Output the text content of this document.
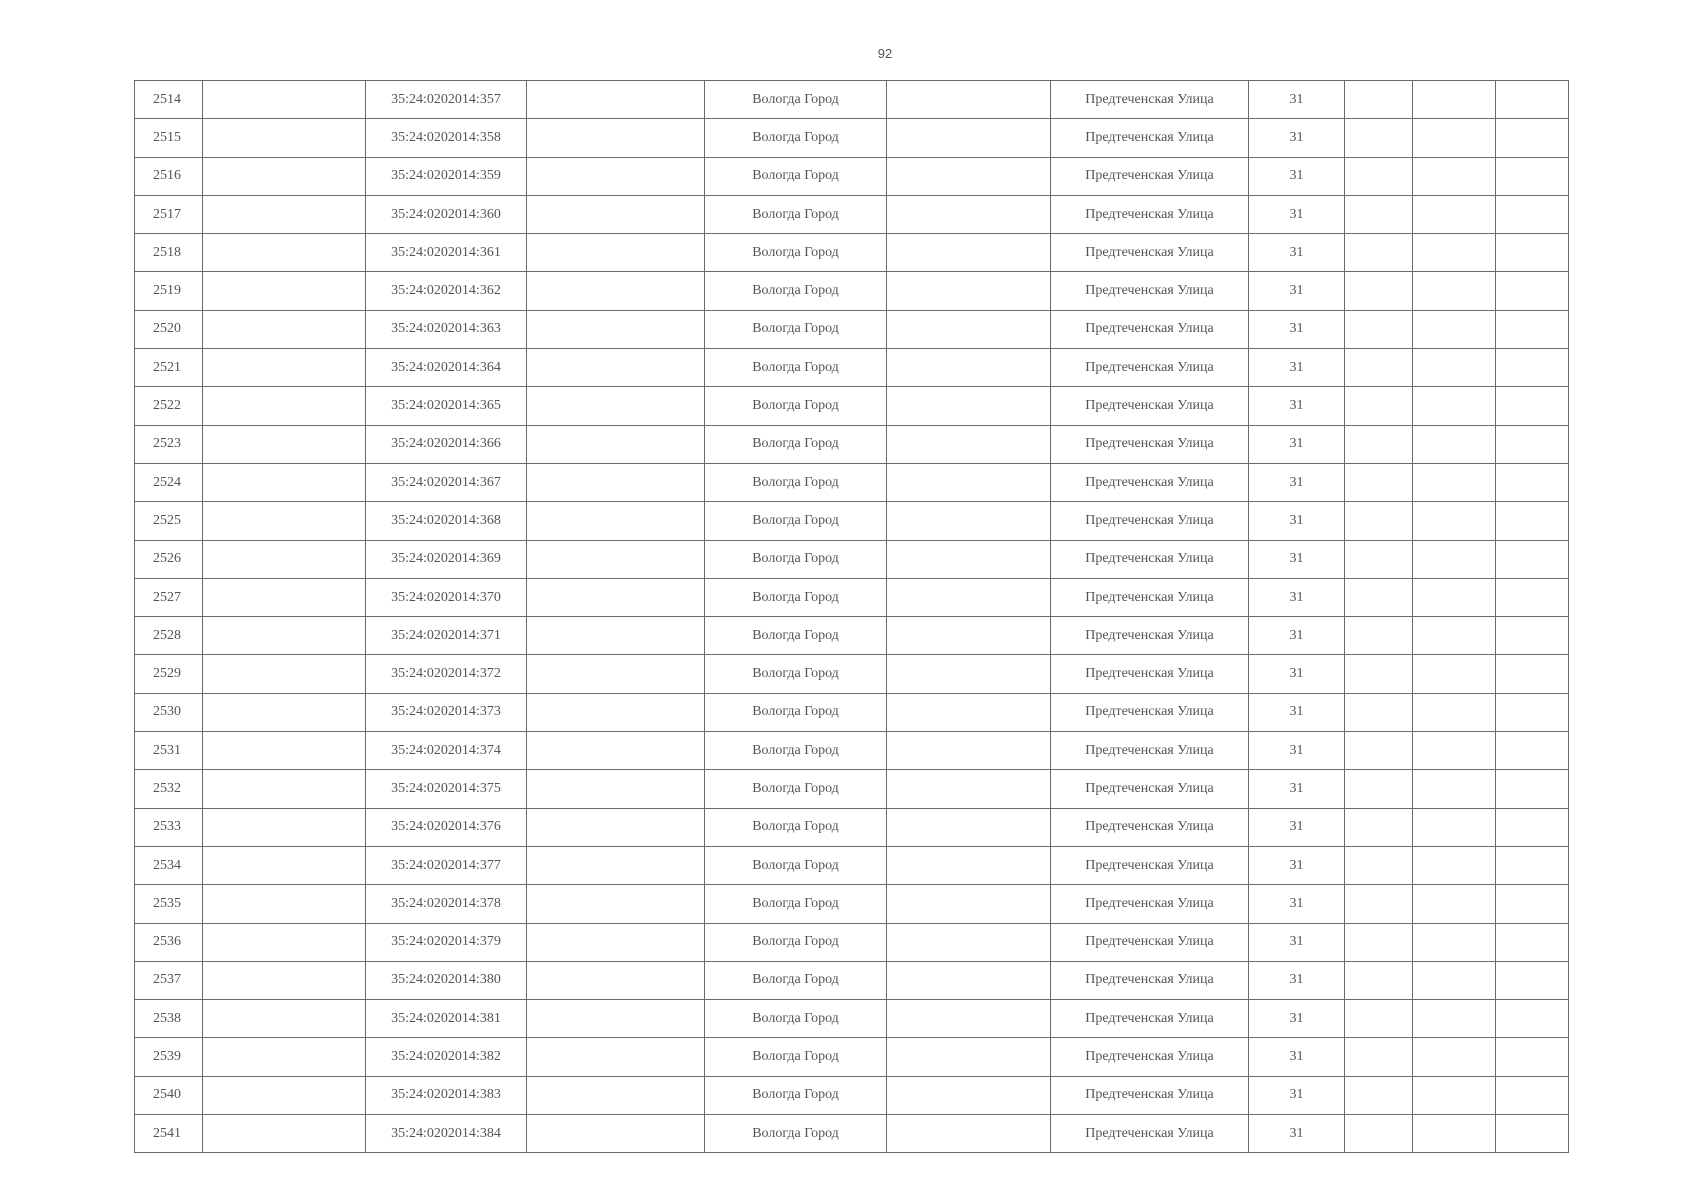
92
2514		35:24:0202014:357		Вологда Город		Предтеченская Улица	31			
2515		35:24:0202014:358		Вологда Город		Предтеченская Улица	31			
2516		35:24:0202014:359		Вологда Город		Предтеченская Улица	31			
2517		35:24:0202014:360		Вологда Город		Предтеченская Улица	31			
2518		35:24:0202014:361		Вологда Город		Предтеченская Улица	31			
2519		35:24:0202014:362		Вологда Город		Предтеченская Улица	31			
2520		35:24:0202014:363		Вологда Город		Предтеченская Улица	31			
2521		35:24:0202014:364		Вологда Город		Предтеченская Улица	31			
2522		35:24:0202014:365		Вологда Город		Предтеченская Улица	31			
2523		35:24:0202014:366		Вологда Город		Предтеченская Улица	31			
2524		35:24:0202014:367		Вологда Город		Предтеченская Улица	31			
2525		35:24:0202014:368		Вологда Город		Предтеченская Улица	31			
2526		35:24:0202014:369		Вологда Город		Предтеченская Улица	31			
2527		35:24:0202014:370		Вологда Город		Предтеченская Улица	31			
2528		35:24:0202014:371		Вологда Город		Предтеченская Улица	31			
2529		35:24:0202014:372		Вологда Город		Предтеченская Улица	31			
2530		35:24:0202014:373		Вологда Город		Предтеченская Улица	31			
2531		35:24:0202014:374		Вологда Город		Предтеченская Улица	31			
2532		35:24:0202014:375		Вологда Город		Предтеченская Улица	31			
2533		35:24:0202014:376		Вологда Город		Предтеченская Улица	31			
2534		35:24:0202014:377		Вологда Город		Предтеченская Улица	31			
2535		35:24:0202014:378		Вологда Город		Предтеченская Улица	31			
2536		35:24:0202014:379		Вологда Город		Предтеченская Улица	31			
2537		35:24:0202014:380		Вологда Город		Предтеченская Улица	31			
2538		35:24:0202014:381		Вологда Город		Предтеченская Улица	31			
2539		35:24:0202014:382		Вологда Город		Предтеченская Улица	31			
2540		35:24:0202014:383		Вологда Город		Предтеченская Улица	31			
2541		35:24:0202014:384		Вологда Город		Предтеченская Улица	31			
